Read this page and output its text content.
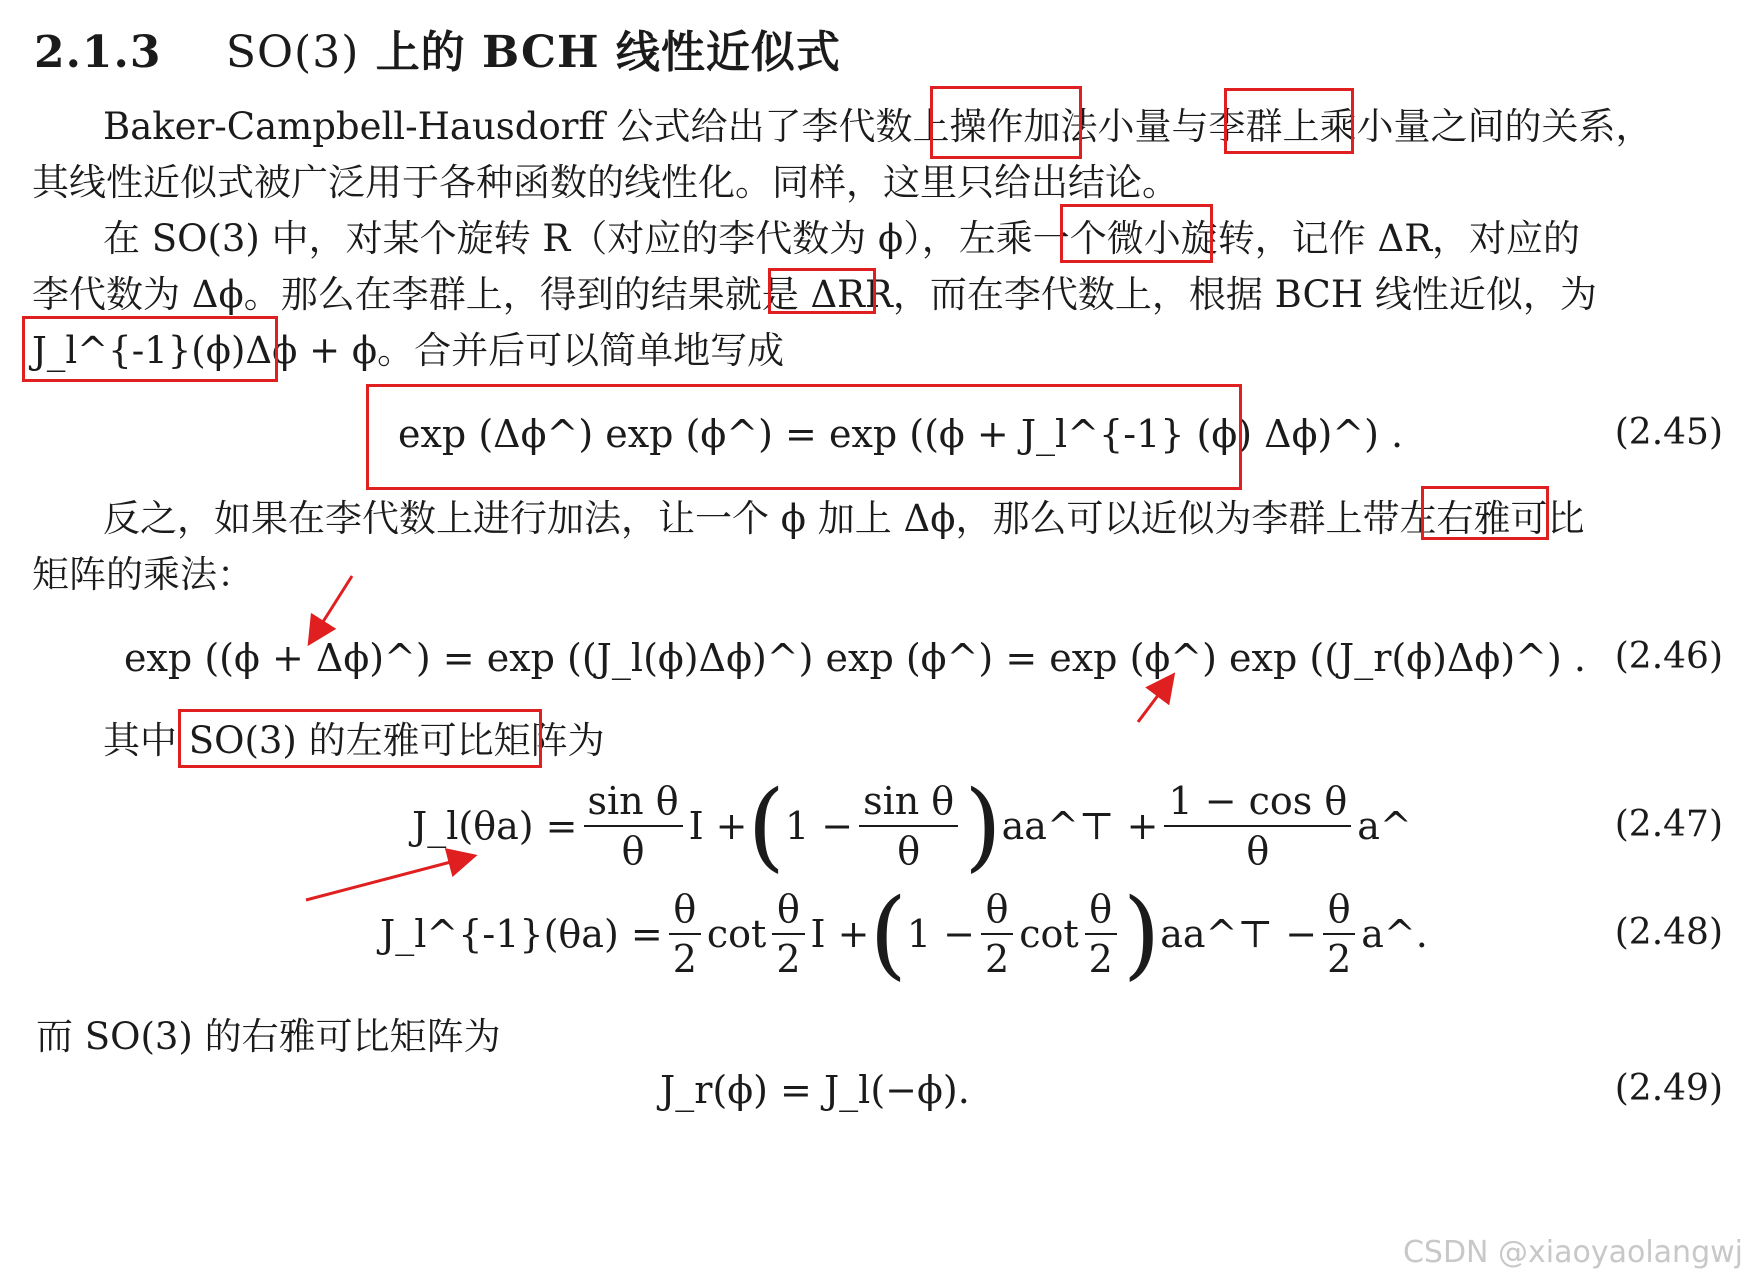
2.1.3 SO(3) 上的 BCH 线性近似式
Baker-Campbell-Hausdorff 公式给出了李代数上操作加法小量与李群上乘小量之间的关系，
其线性近似式被广泛用于各种函数的线性化。同样，这里只给出结论。
在 SO(3) 中，对某个旋转 R（对应的李代数为 ϕ），左乘一个微小旋转，记作 ΔR，对应的
李代数为 Δϕ。那么在李群上，得到的结果就是 ΔRR，而在李代数上，根据 BCH 线性近似，为
J_l^{-1}(ϕ)Δϕ + ϕ。合并后可以简单地写成
exp (Δϕ^) exp (ϕ^) = exp ((ϕ + J_l^{-1} (ϕ) Δϕ)^) .	(2.45)
反之，如果在李代数上进行加法，让一个 ϕ 加上 Δϕ，那么可以近似为李群上带左右雅可比
矩阵的乘法：
exp ((ϕ + Δϕ)^) = exp ((J_l(ϕ)Δϕ)^) exp (ϕ^) = exp (ϕ^) exp ((J_r(ϕ)Δϕ)^) . (2.46)
其中 SO(3) 的左雅可比矩阵为
J_l(θa) = $\frac{\text{sin θ}}{\theta}$ I + ( $1 - \frac{\text{sin θ}}{\theta}$ ) aa^⊤ + $\frac{\text{1 − cos θ}}{\theta}$ a^	(2.47)
J_l^{-1}(θa) = $\frac{\theta}{2}$ $\cot \frac{\theta}{2}$ I + ( $1 - \frac{\theta}{2}$ $\cot \frac{\theta}{2}$ ) aa^⊤ − $\frac{\theta}{2}$ a^.	(2.48)
而 SO(3) 的右雅可比矩阵为
J_r(ϕ) = J_l(−ϕ).	(2.49)
CSDN @xiaoyaolangwj
